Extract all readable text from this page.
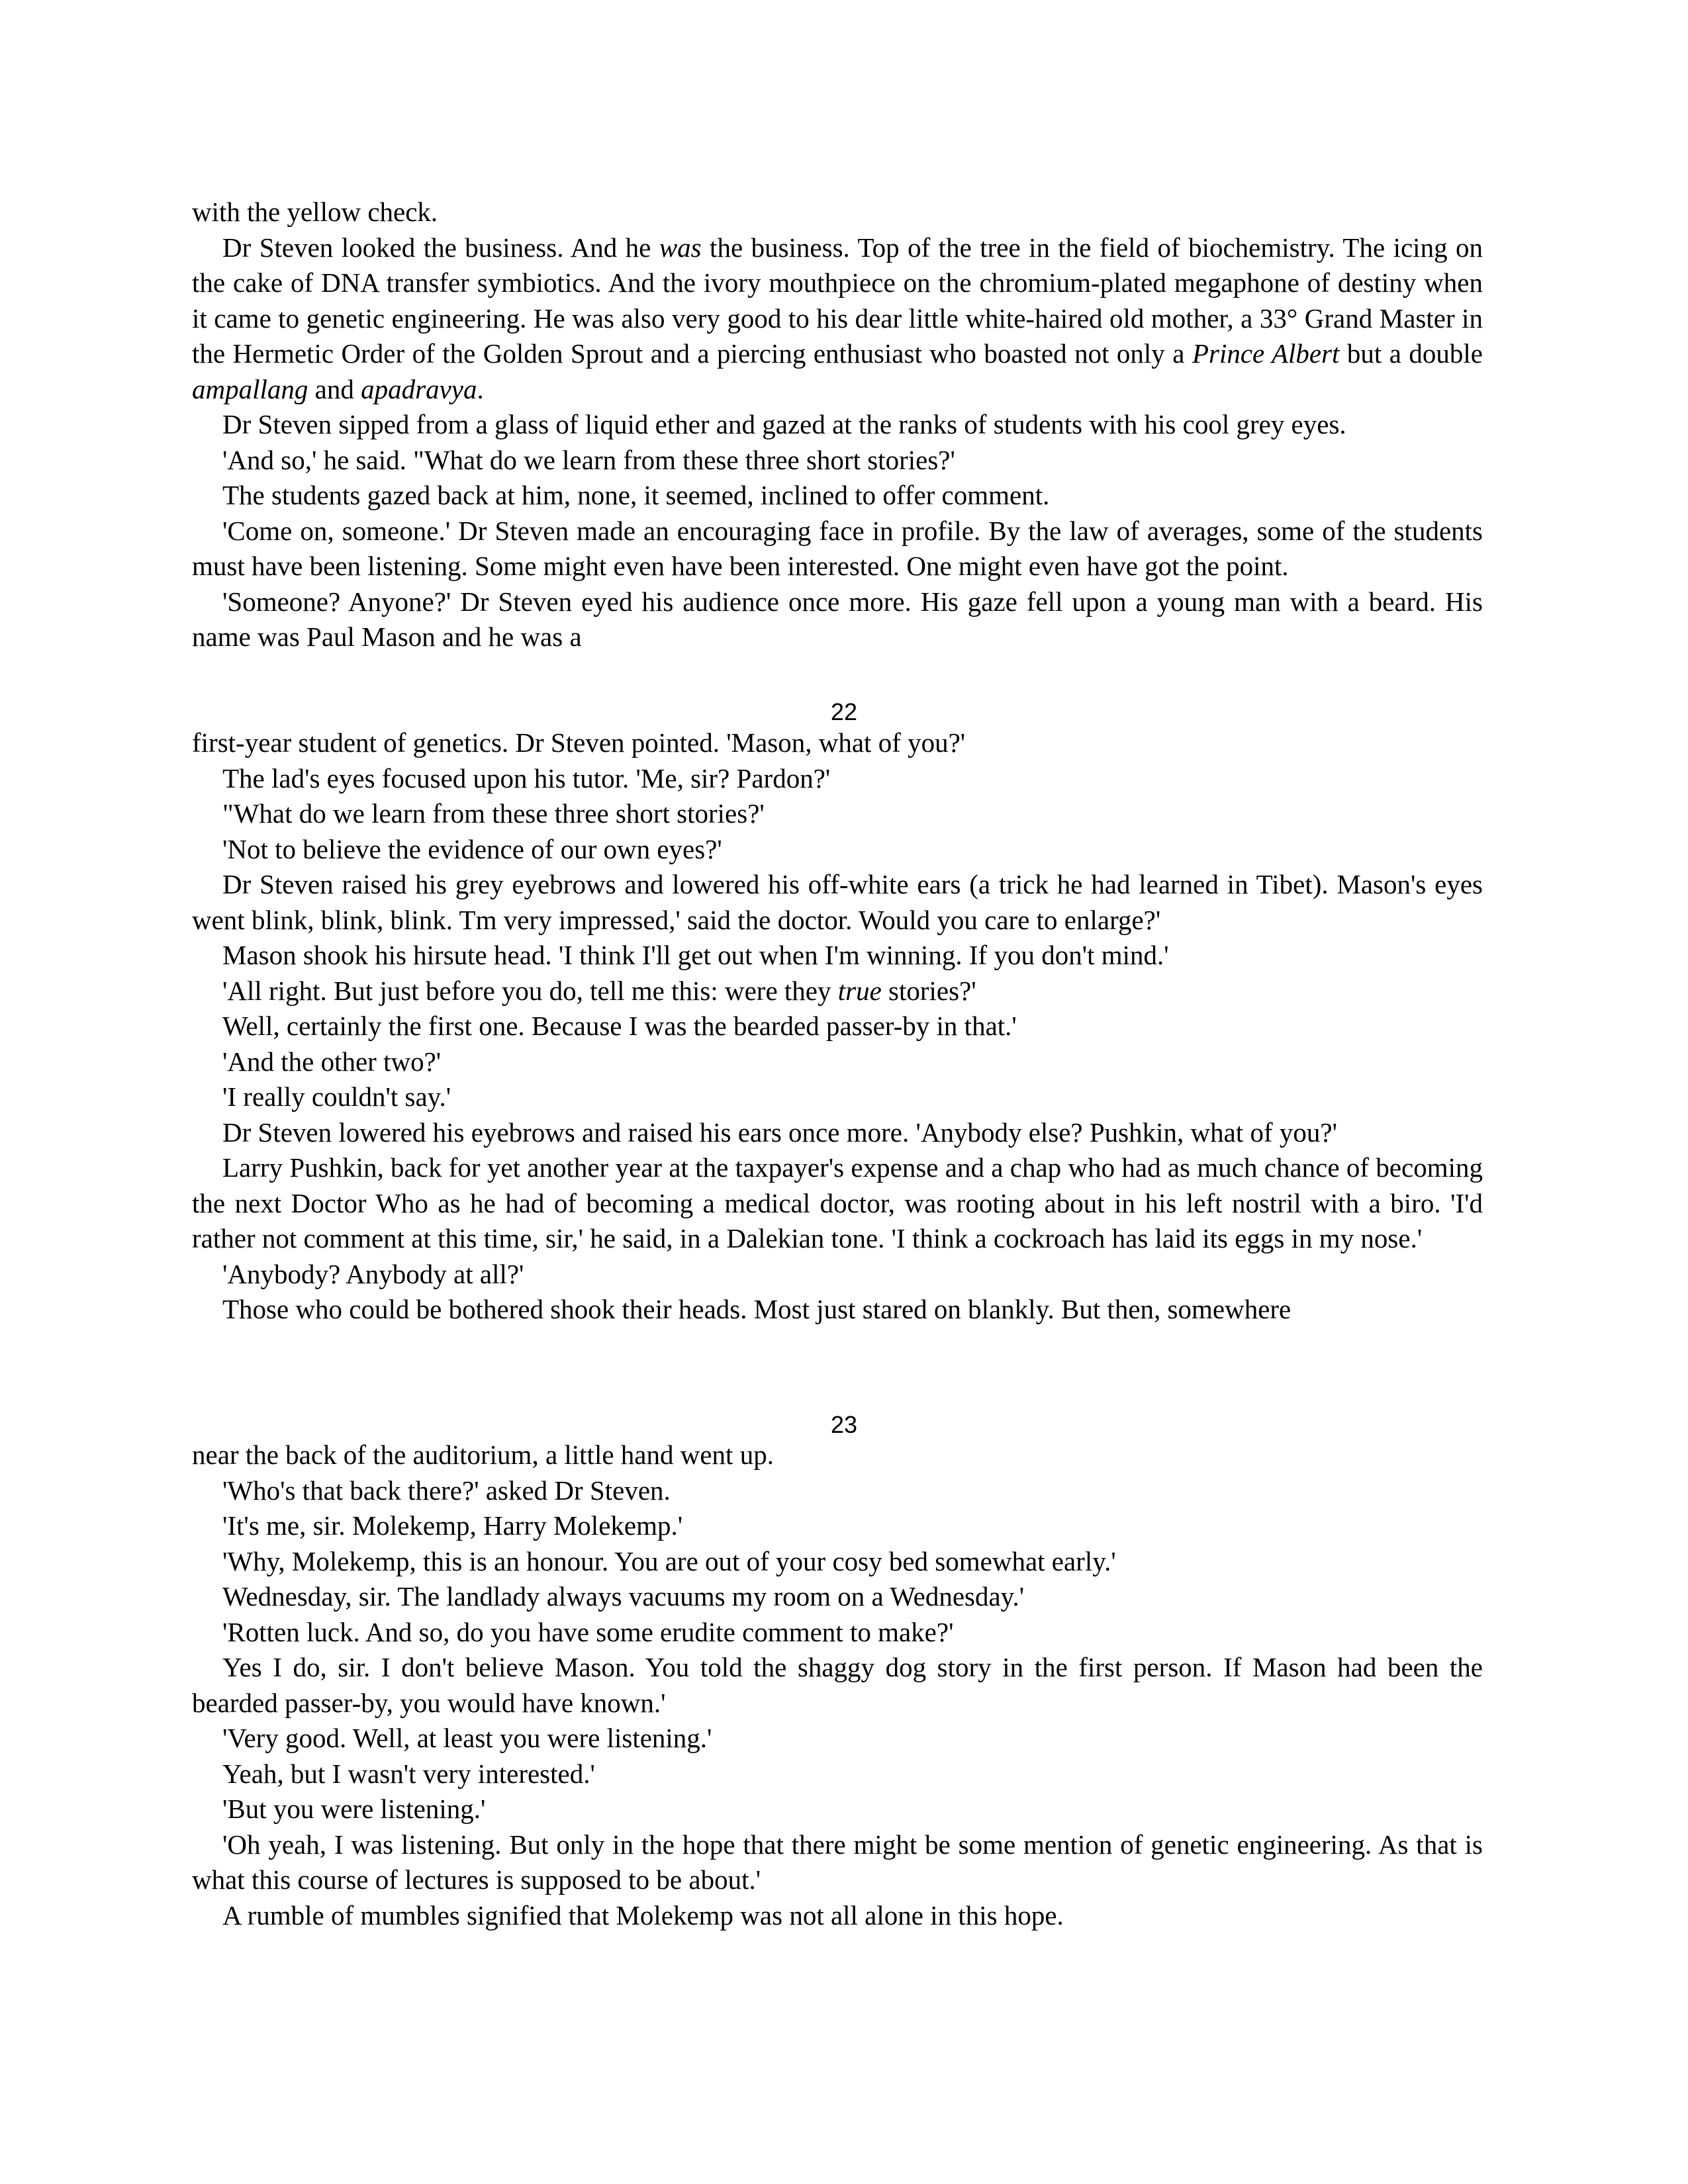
with the yellow check.

Dr Steven looked the business. And he was the business. Top of the tree in the field of biochemistry. The icing on the cake of DNA transfer symbiotics. And the ivory mouthpiece on the chromium-plated megaphone of destiny when it came to genetic engineering. He was also very good to his dear little white-haired old mother, a 33° Grand Master in the Hermetic Order of the Golden Sprout and a piercing enthusiast who boasted not only a Prince Albert but a double ampallang and apadravya.

Dr Steven sipped from a glass of liquid ether and gazed at the ranks of students with his cool grey eyes.

'And so,' he said. "What do we learn from these three short stories?'

The students gazed back at him, none, it seemed, inclined to offer comment.

'Come on, someone.' Dr Steven made an encouraging face in profile. By the law of averages, some of the students must have been listening. Some might even have been interested. One might even have got the point.

'Someone? Anyone?' Dr Steven eyed his audience once more. His gaze fell upon a young man with a beard. His name was Paul Mason and he was a

22

first-year student of genetics. Dr Steven pointed. 'Mason, what of you?'

The lad's eyes focused upon his tutor. 'Me, sir? Pardon?'

"What do we learn from these three short stories?'

'Not to believe the evidence of our own eyes?'

Dr Steven raised his grey eyebrows and lowered his off-white ears (a trick he had learned in Tibet). Mason's eyes went blink, blink, blink. Tm very impressed,' said the doctor. Would you care to enlarge?'

Mason shook his hirsute head. 'I think I'll get out when I'm winning. If you don't mind.'

'All right. But just before you do, tell me this: were they true stories?'

Well, certainly the first one. Because I was the bearded passer-by in that.'

'And the other two?'

'I really couldn't say.'

Dr Steven lowered his eyebrows and raised his ears once more. 'Anybody else? Pushkin, what of you?'

Larry Pushkin, back for yet another year at the taxpayer's expense and a chap who had as much chance of becoming the next Doctor Who as he had of becoming a medical doctor, was rooting about in his left nostril with a biro. 'I'd rather not comment at this time, sir,' he said, in a Dalekian tone. 'I think a cockroach has laid its eggs in my nose.'

'Anybody? Anybody at all?'

Those who could be bothered shook their heads. Most just stared on blankly. But then, somewhere

23

near the back of the auditorium, a little hand went up.

'Who's that back there?' asked Dr Steven.

'It's me, sir. Molekemp, Harry Molekemp.'

'Why, Molekemp, this is an honour. You are out of your cosy bed somewhat early.'

Wednesday, sir. The landlady always vacuums my room on a Wednesday.'

'Rotten luck. And so, do you have some erudite comment to make?'

Yes I do, sir. I don't believe Mason. You told the shaggy dog story in the first person. If Mason had been the bearded passer-by, you would have known.'

'Very good. Well, at least you were listening.'

Yeah, but I wasn't very interested.'

'But you were listening.'

'Oh yeah, I was listening. But only in the hope that there might be some mention of genetic engineering. As that is what this course of lectures is supposed to be about.'

A rumble of mumbles signified that Molekemp was not all alone in this hope.
